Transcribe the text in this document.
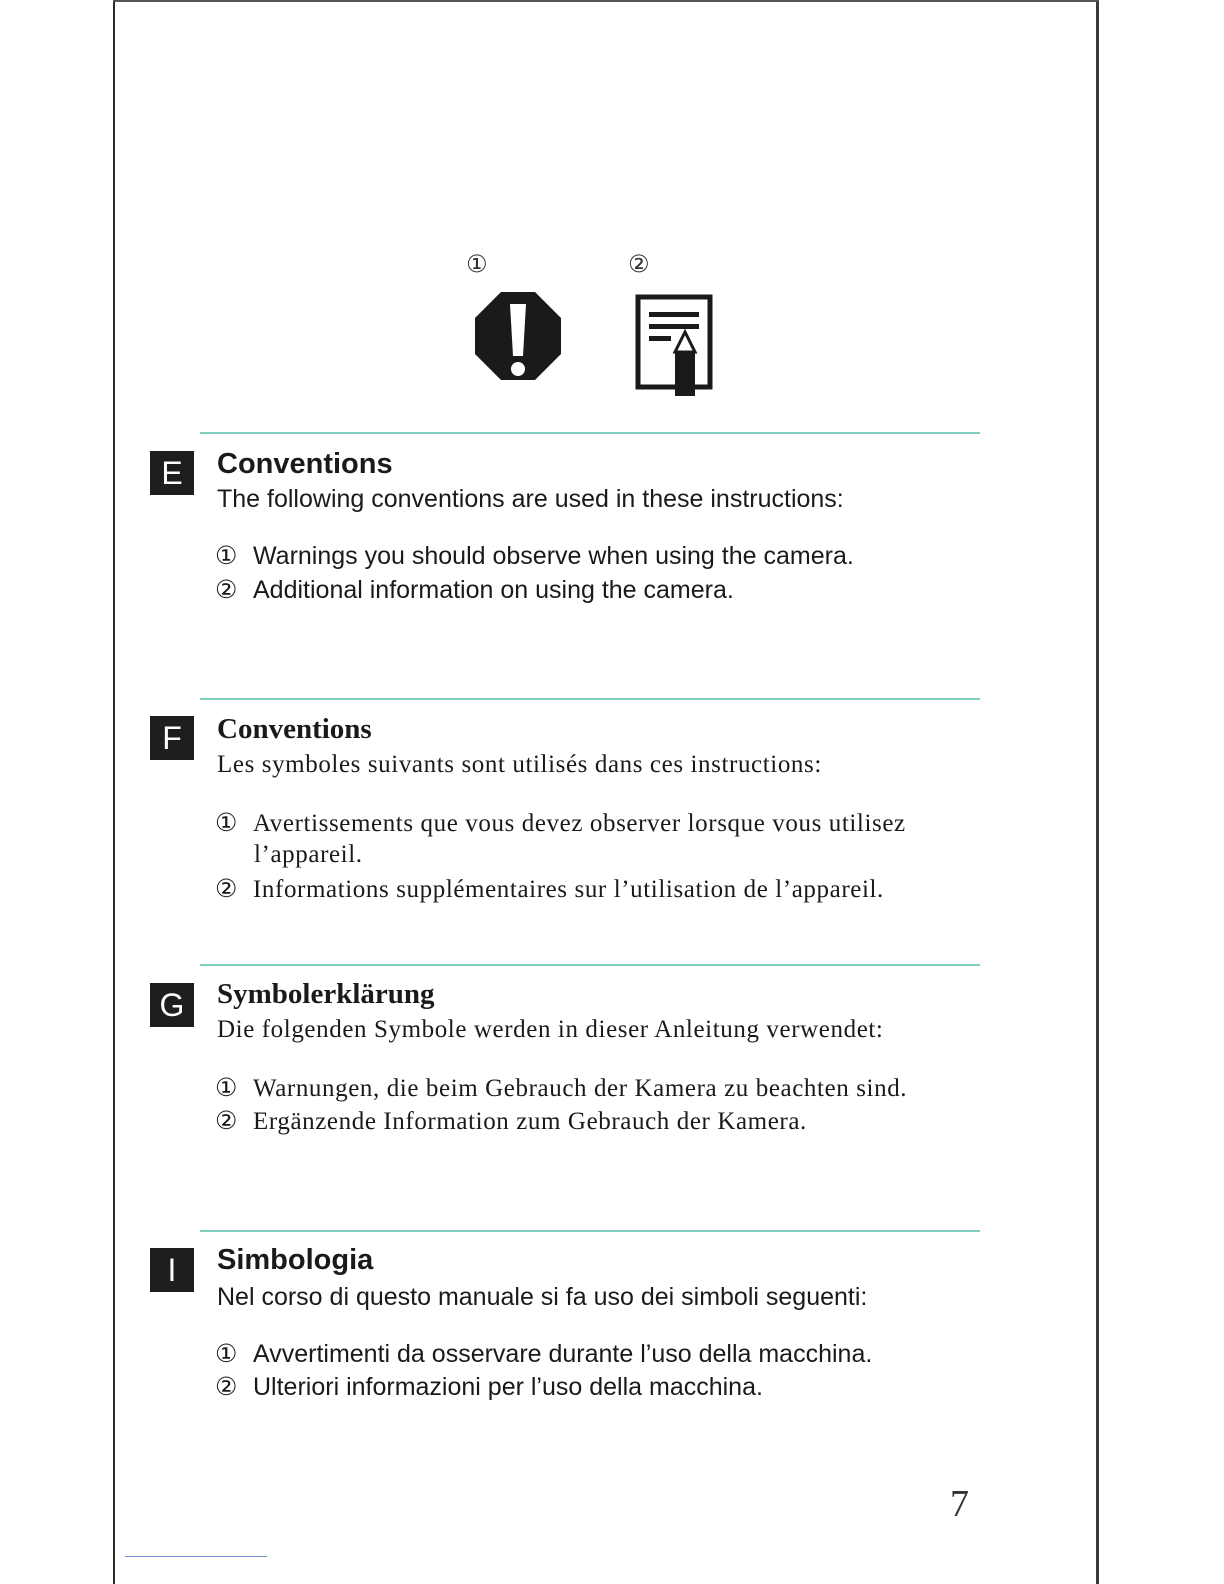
①	②
E	Conventions
The following conventions are used in these instructions:
① Warnings you should observe when using the camera.
② Additional information on using the camera.
F	Conventions
Les symboles suivants sont utilisés dans ces instructions:
① Avertissements que vous devez observer lorsque vous utilisez
l’appareil.
② Informations supplémentaires sur l’utilisation de l’appareil.
G	Symbolerklärung
Die folgenden Symbole werden in dieser Anleitung verwendet:
① Warnungen, die beim Gebrauch der Kamera zu beachten sind.
② Ergänzende Information zum Gebrauch der Kamera.
I	Simbologia
Nel corso di questo manuale si fa uso dei simboli seguenti:
① Avvertimenti da osservare durante l’uso della macchina.
② Ulteriori informazioni per l’uso della macchina.
7
